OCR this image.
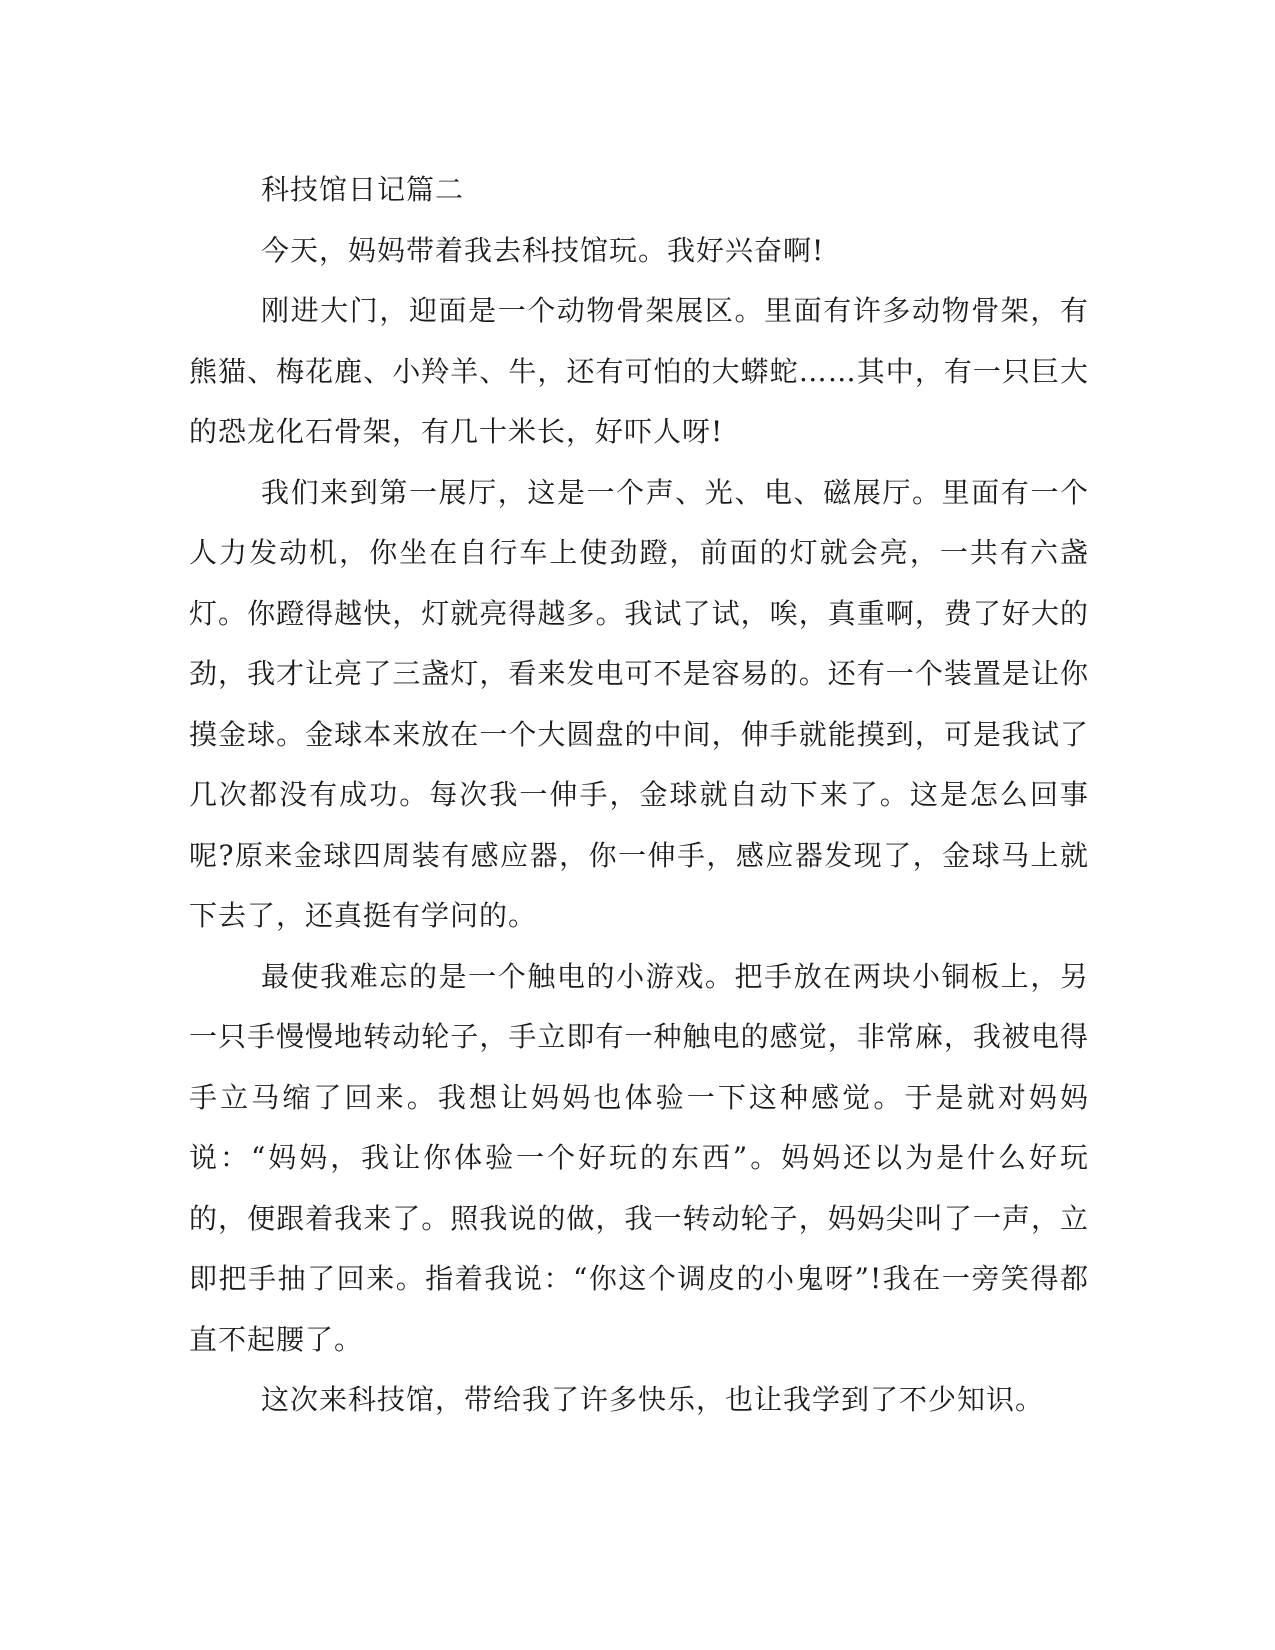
科技馆日记篇二

今天，妈妈带着我去科技馆玩。我好兴奋啊!

刚进大门，迎面是一个动物骨架展区。里面有许多动物骨架，有熊猫、梅花鹿、小羚羊、牛，还有可怕的大蟒蛇……其中，有一只巨大的恐龙化石骨架，有几十米长，好吓人呀!

我们来到第一展厅，这是一个声、光、电、磁展厅。里面有一个人力发动机，你坐在自行车上使劲蹬，前面的灯就会亮，一共有六盏灯。你蹬得越快，灯就亮得越多。我试了试，唉，真重啊，费了好大的劲，我才让亮了三盏灯，看来发电可不是容易的。还有一个装置是让你摸金球。金球本来放在一个大圆盘的中间，伸手就能摸到，可是我试了几次都没有成功。每次我一伸手，金球就自动下来了。这是怎么回事呢?原来金球四周装有感应器，你一伸手，感应器发现了，金球马上就下去了，还真挺有学问的。

最使我难忘的是一个触电的小游戏。把手放在两块小铜板上，另一只手慢慢地转动轮子，手立即有一种触电的感觉，非常麻，我被电得手立马缩了回来。我想让妈妈也体验一下这种感觉。于是就对妈妈说：“妈妈，我让你体验一个好玩的东西”。妈妈还以为是什么好玩的，便跟着我来了。照我说的做，我一转动轮子，妈妈尖叫了一声，立即把手抽了回来。指着我说：“你这个调皮的小鬼呀”!我在一旁笑得都直不起腰了。

这次来科技馆，带给我了许多快乐，也让我学到了不少知识。
